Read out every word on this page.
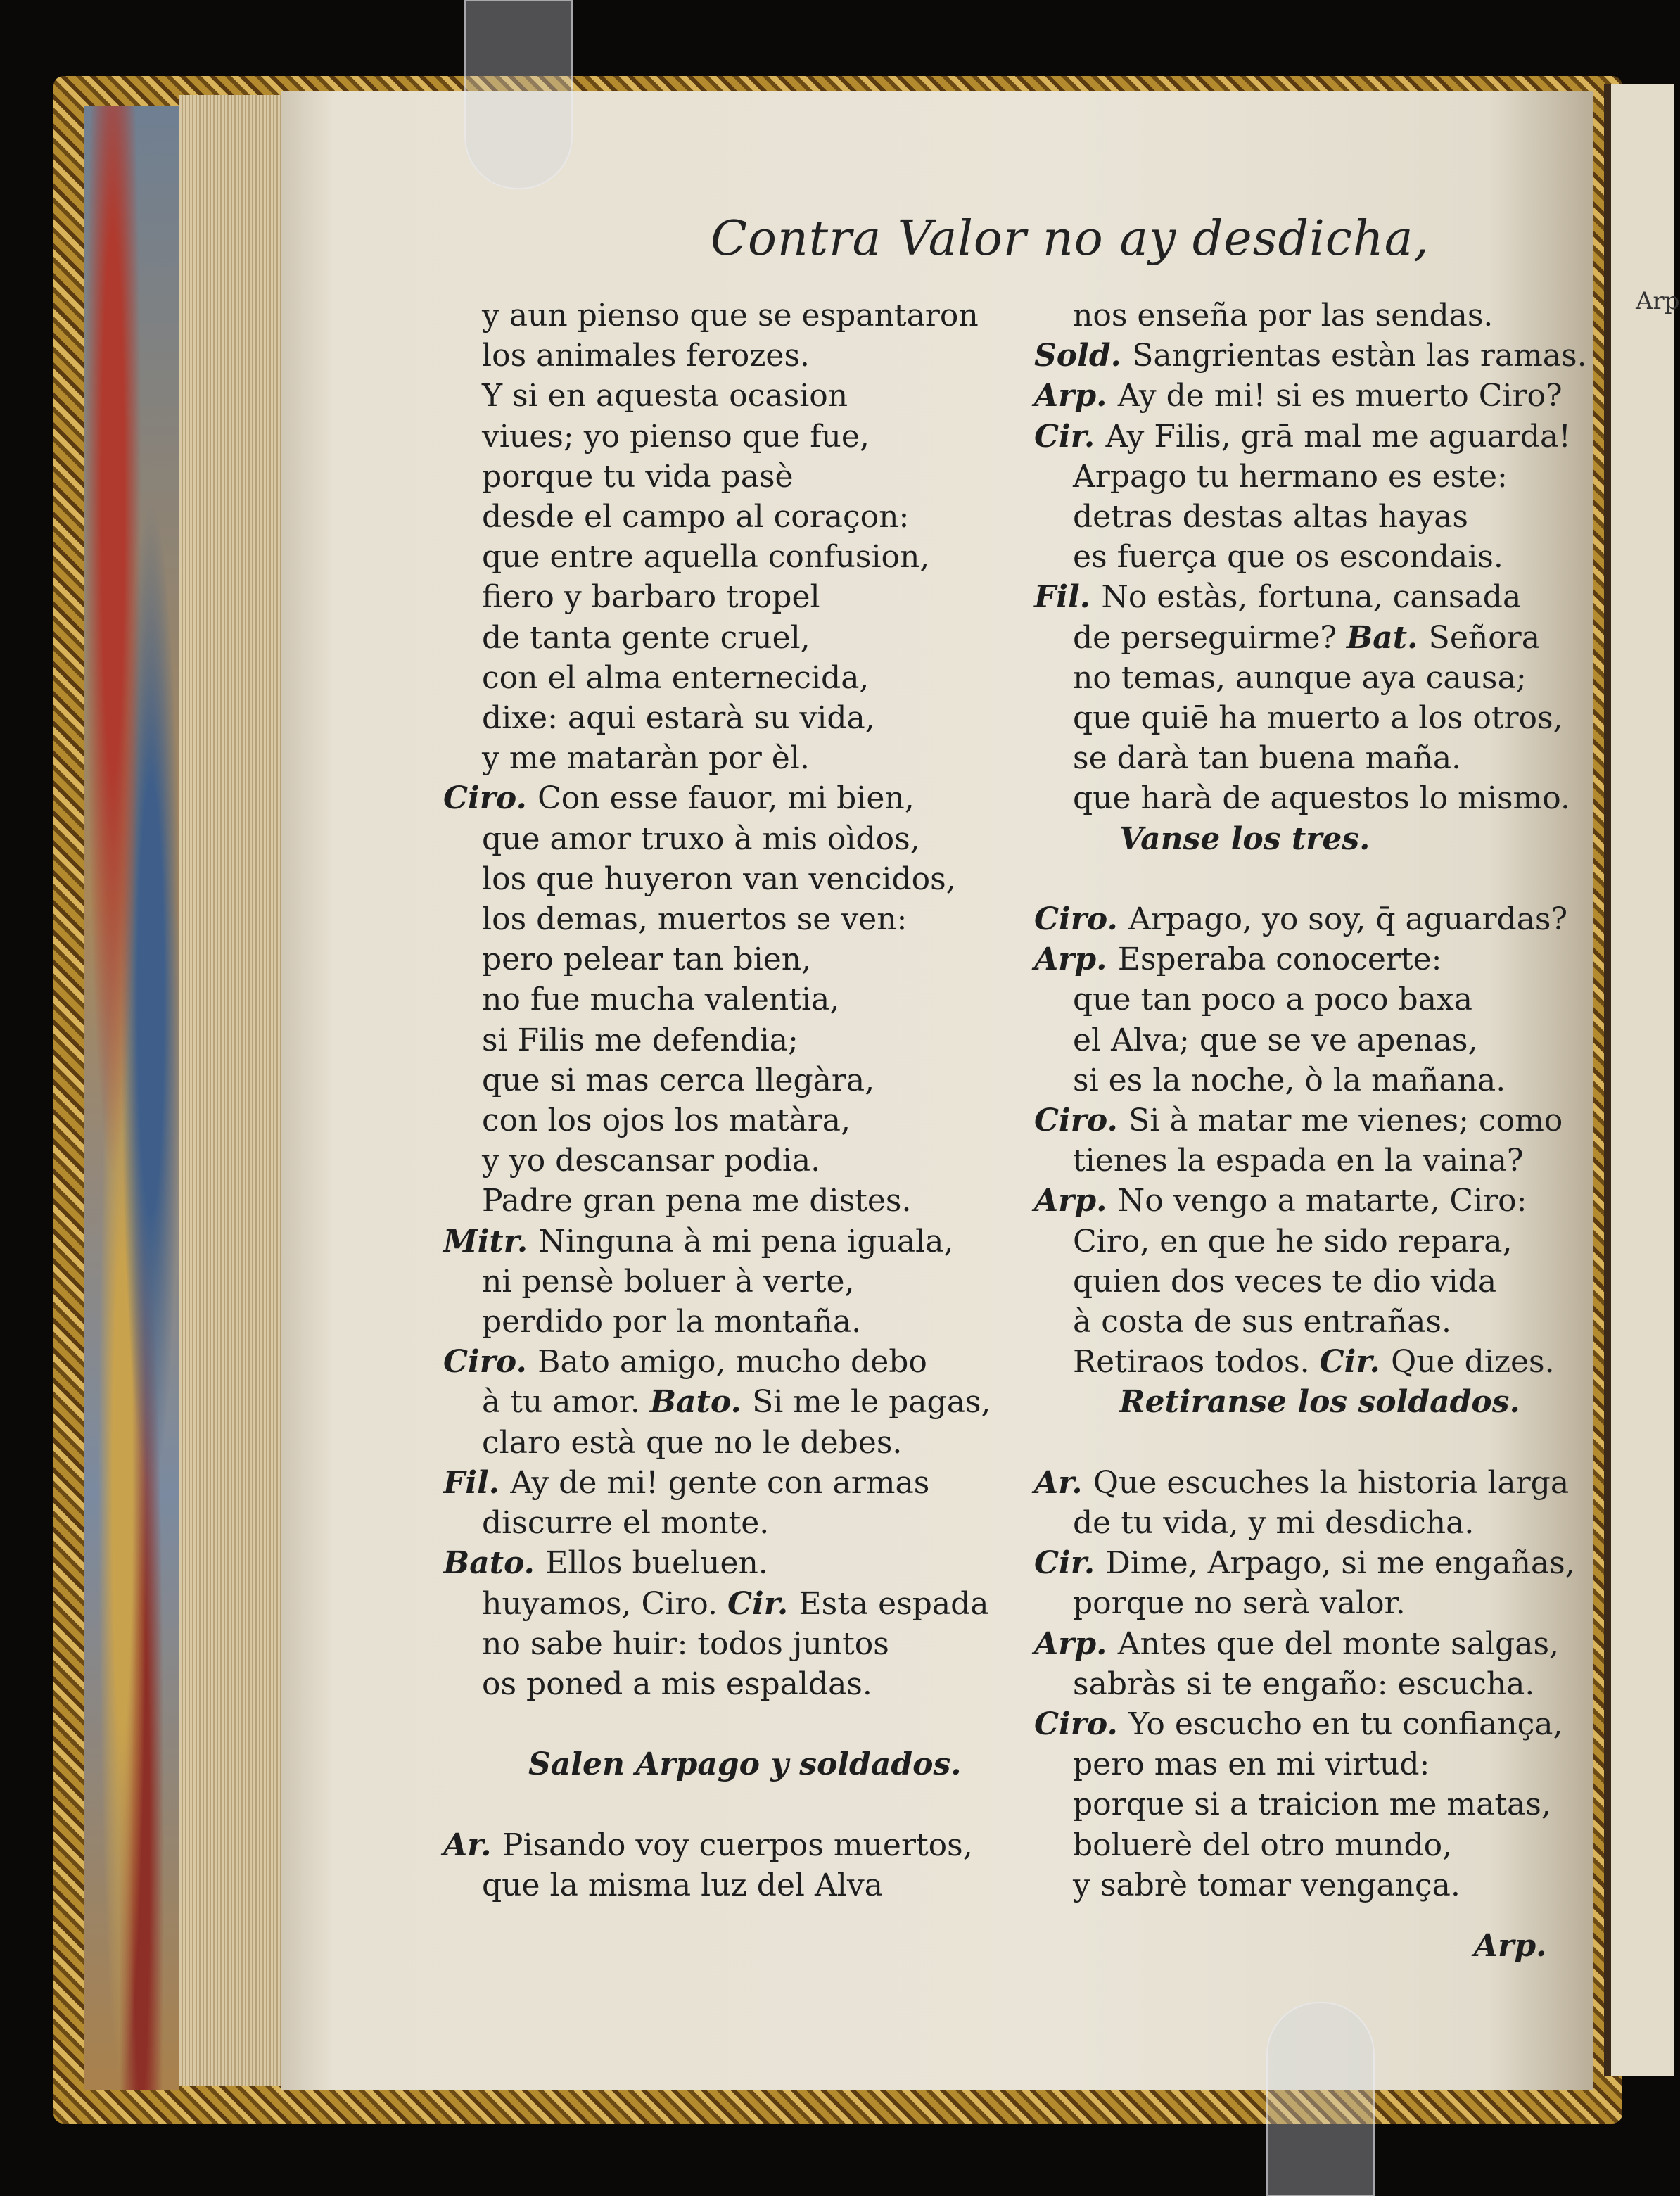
Arp
Contra Valor no ay desdicha,
y aun pienso que se espantaron
los animales ferozes.
Y si en aquesta ocasion
viues; yo pienso que fue,
porque tu vida pasè
desde el campo al coraçon:
que entre aquella confusion,
fiero y barbaro tropel
de tanta gente cruel,
con el alma enternecida,
dixe: aqui estarà su vida,
y me mataràn por èl.
Ciro. Con esse fauor, mi bien,
que amor truxo à mis oìdos,
los que huyeron van vencidos,
los demas, muertos se ven:
pero pelear tan bien,
no fue mucha valentia,
si Filis me defendia;
que si mas cerca llegàra,
con los ojos los matàra,
y yo descansar podia.
Padre gran pena me distes.
Mitr. Ninguna à mi pena iguala,
ni pensè boluer à verte,
perdido por la montaña.
Ciro. Bato amigo, mucho debo
à tu amor. Bato. Si me le pagas,
claro està que no le debes.
Fil. Ay de mi! gente con armas
discurre el monte.
Bato. Ellos bueluen.
huyamos, Ciro. Cir. Esta espada
no sabe huir: todos juntos
os poned a mis espaldas.
Salen Arpago y soldados.
Ar. Pisando voy cuerpos muertos,
que la misma luz del Alva
nos enseña por las sendas.
Sold. Sangrientas estàn las ramas.
Arp. Ay de mi! si es muerto Ciro?
Cir. Ay Filis, grā mal me aguarda!
Arpago tu hermano es este:
detras destas altas hayas
es fuerça que os escondais.
Fil. No estàs, fortuna, cansada
de perseguirme? Bat. Señora
no temas, aunque aya causa;
que quiē ha muerto a los otros,
se darà tan buena maña.
que harà de aquestos lo mismo.
Vanse los tres.
Ciro. Arpago, yo soy, q̄ aguardas?
Arp. Esperaba conocerte:
que tan poco a poco baxa
el Alva; que se ve apenas,
si es la noche, ò la mañana.
Ciro. Si à matar me vienes; como
tienes la espada en la vaina?
Arp. No vengo a matarte, Ciro:
Ciro, en que he sido repara,
quien dos veces te dio vida
à costa de sus entrañas.
Retiraos todos. Cir. Que dizes.
Retiranse los soldados.
Ar. Que escuches la historia larga
de tu vida, y mi desdicha.
Cir. Dime, Arpago, si me engañas,
porque no serà valor.
Arp. Antes que del monte salgas,
sabràs si te engaño: escucha.
Ciro. Yo escucho en tu confiança,
pero mas en mi virtud:
porque si a traicion me matas,
boluerè del otro mundo,
y sabrè tomar vengança.
Arp.
